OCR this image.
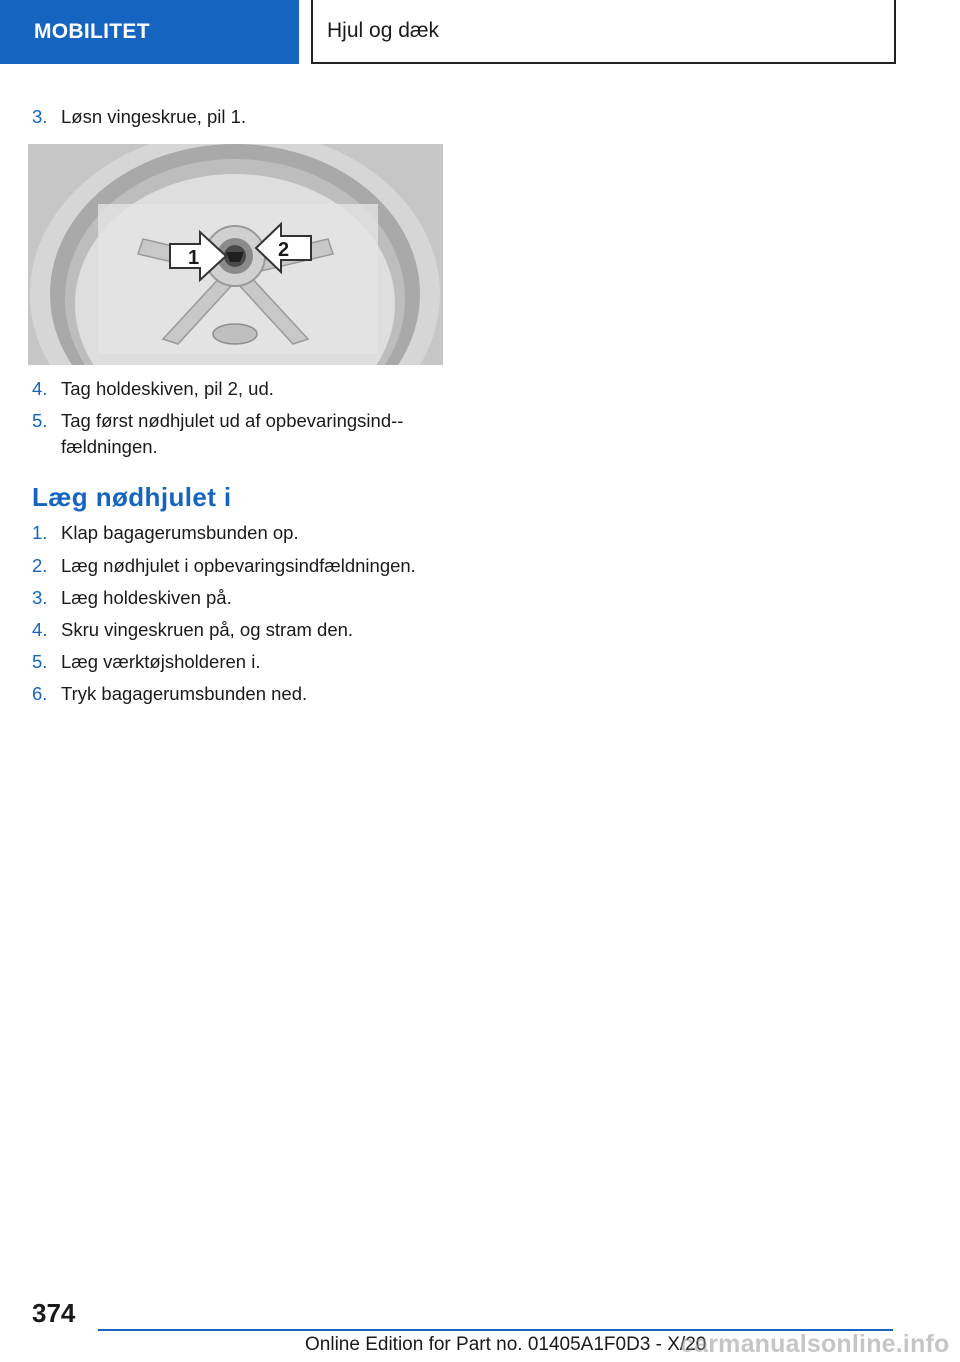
MOBILITET	Hjul og dæk
3. Løsn vingeskrue, pil 1.
1	2
4. Tag holdeskiven, pil 2, ud.
5. Tag først nødhjulet ud af opbevaringsind-fældningen.
Læg nødhjulet i
1. Klap bagagerumsbunden op.
2. Læg nødhjulet i opbevaringsindfældningen.
3. Læg holdeskiven på.
4. Skru vingeskruen på, og stram den.
5. Læg værktøjsholderen i.
6. Tryk bagagerumsbunden ned.
374
Online Edition for Part no. 01405A1F0D3 - X/20
carmanualsonline.info
